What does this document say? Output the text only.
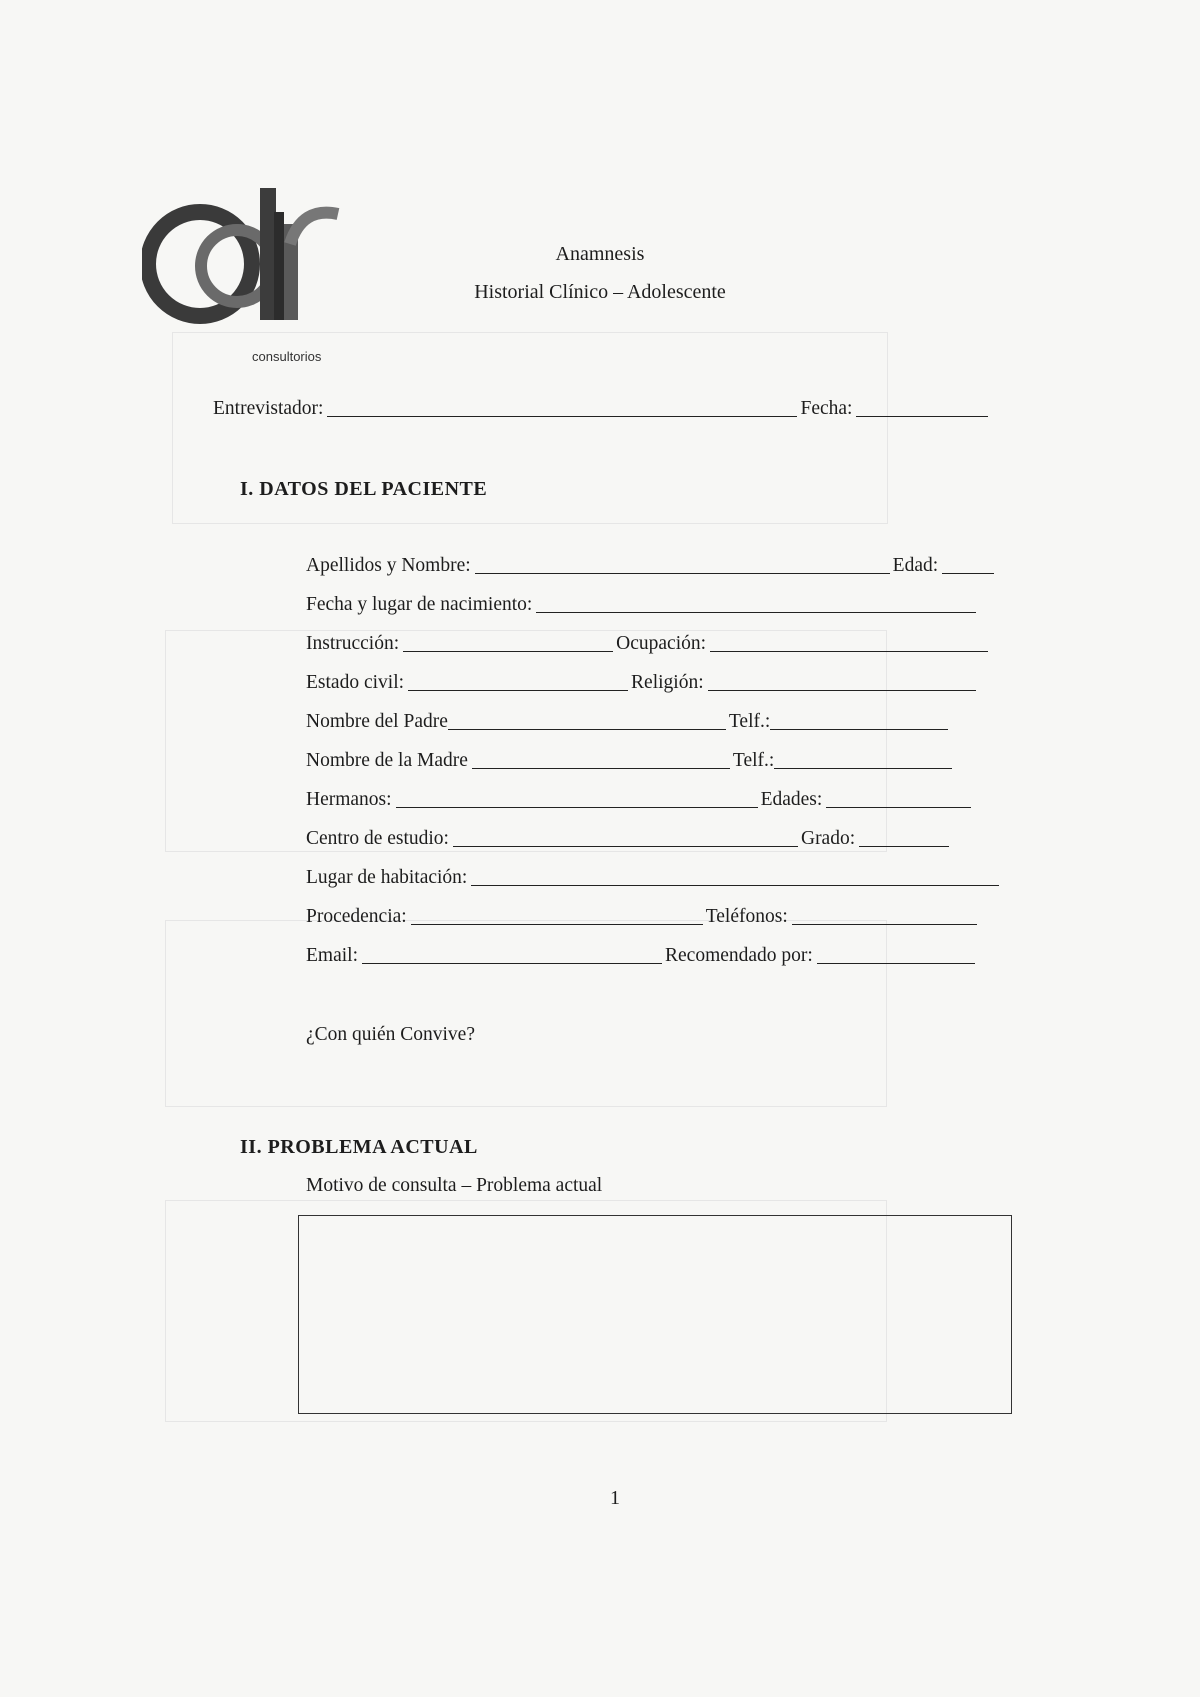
consultorios
Anamnesis
Historial Clínico – Adolescente
Entrevistador:	Fecha:
I. DATOS DEL PACIENTE
Apellidos y Nombre:	Edad:
Fecha y lugar de nacimiento:
Instrucción:	Ocupación:
Estado civil:	Religión:
Nombre del Padre	Telf.:
Nombre de la Madre	Telf.:
Hermanos:	Edades:
Centro de estudio:	Grado:
Lugar de habitación:
Procedencia:	Teléfonos:
Email:	Recomendado por:
¿Con quién Convive?
II. PROBLEMA ACTUAL
Motivo de consulta – Problema actual
1
